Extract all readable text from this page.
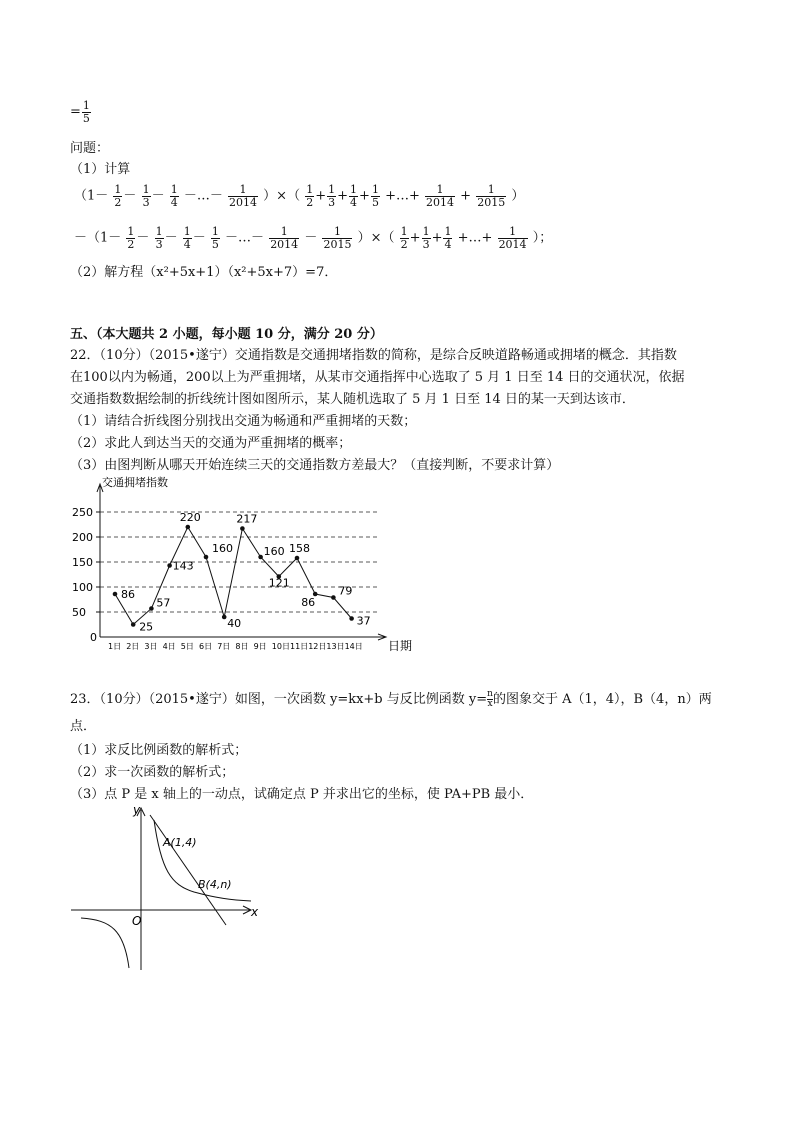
= $\frac{1}{5}$
问题：
（1）计算
（$1- \frac{1}{2} - \frac{1}{3} - \frac{1}{4}$ －…－ $\frac{1}{2014}$ ）×（ $\frac{1}{2} + \frac{1}{3} + \frac{1}{4} + \frac{1}{5}$ +…+ $\frac{1}{2014} + \frac{1}{2015}$ ）
$-(1- \frac{1}{2} - \frac{1}{3} - \frac{1}{4} - \frac{1}{5}$ －…－ $\frac{1}{2014} - \frac{1}{2015}$ ）×（ $\frac{1}{2} + \frac{1}{3} + \frac{1}{4}$ +…+ $\frac{1}{2014}$ ）；
（2）解方程（x²+5x+1）（x²+5x+7）=7．
五、（本大题共 2 小题，每小题 10 分，满分 20 分）
22．（10分）（2015•遂宁）交通指数是交通拥堵指数的简称，是综合反映道路畅通或拥堵的概念．其指数
在100以内为畅通，200以上为严重拥堵，从某市交通指挥中心选取了 5 月 1 日至 14 日的交通状况，依据
交通指数数据绘制的折线统计图如图所示，某人随机选取了 5 月 1 日至 14 日的某一天到达该市．
（1）请结合折线图分别找出交通为畅通和严重拥堵的天数；
（2）求此人到达当天的交通为严重拥堵的概率；
（3）由图判断从哪天开始连续三天的交通指数方差最大？（直接判断，不要求计算）
交通拥堵指数
日期
0
50
100
150
200
250
1日 2日 3日 4日 5日 6日 7日 8日 9日 10日 11日 12日 13日 14日
86
25
57
143
220
160
40
217
160
121
158
86
79
37
23．（10分）（2015•遂宁）如图，一次函数 y=kx+b 与反比例函数 $y= \frac{n}{x}$ 的图象交于 A（1，4），B（4，n）两
点．
（1）求反比例函数的解析式；
（2）求一次函数的解析式；
（3）点 P 是 x 轴上的一动点，试确定点 P 并求出它的坐标，使 PA+PB 最小．
y
x
O
A(1,4)
B(4,n)
